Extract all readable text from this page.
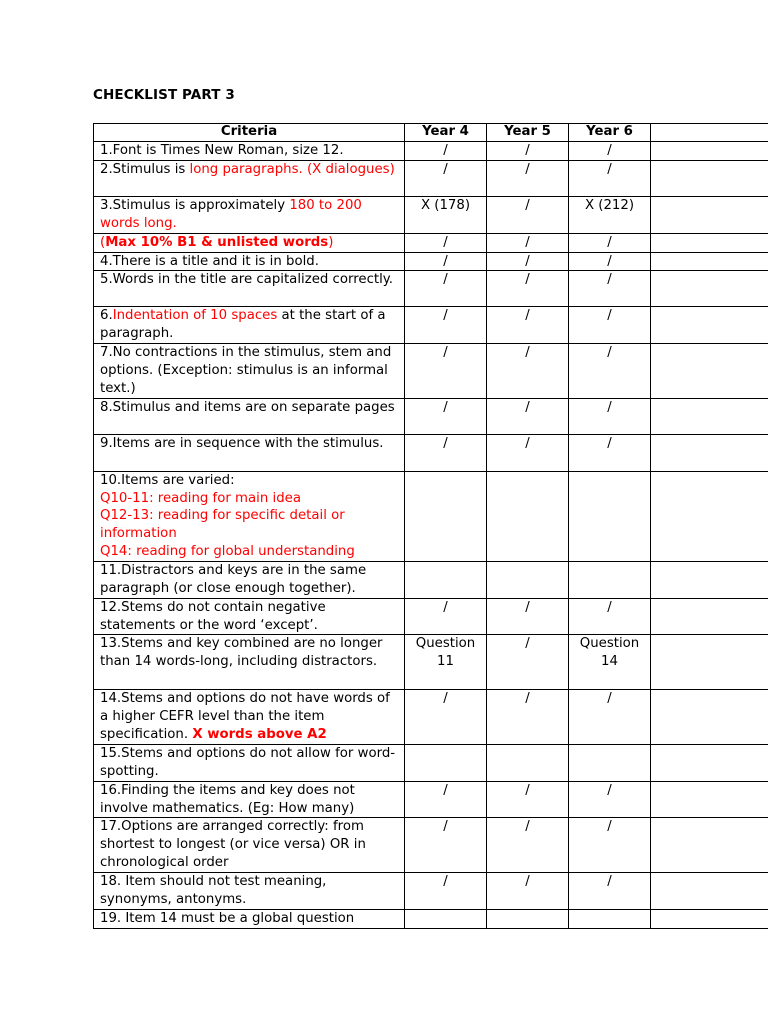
CHECKLIST PART 3
Criteria	Year 4	Year 5	Year 6	

1.Font is Times New Roman, size 12.	/	/	/	

2.Stimulus is long paragraphs. (X dialogues)	/	/	/	

3.Stimulus is approximately 180 to 200 words long.	X (178)	/	X (212)	

(Max 10% B1 & unlisted words)	/	/	/	

4.There is a title and it is in bold.	/	/	/	

5.Words in the title are capitalized correctly.	/	/	/	

6.Indentation of 10 spaces at the start of a paragraph.	/	/	/	

7.No contractions in the stimulus, stem and options. (Exception: stimulus is an informal text.)	/	/	/	

8.Stimulus and items are on separate pages	/	/	/	

9.Items are in sequence with the stimulus.	/	/	/	

10.Items are varied:
Q10-11: reading for main idea
Q12-13: reading for specific detail or information
Q14: reading for global understanding				

11.Distractors and keys are in the same paragraph (or close enough together).				

12.Stems do not contain negative statements or the word ‘except’.	/	/	/	

13.Stems and key combined are no longer than 14 words-long, including distractors.	Question 11	/	Question 14	

14.Stems and options do not have words of a higher CEFR level than the item specification. X words above A2	/	/	/	

15.Stems and options do not allow for word-spotting.				

16.Finding the items and key does not involve mathematics. (Eg: How many)	/	/	/	

17.Options are arranged correctly: from shortest to longest (or vice versa) OR in chronological order	/	/	/	

18. Item should not test meaning, synonyms, antonyms.	/	/	/	

19. Item 14 must be a global question				
